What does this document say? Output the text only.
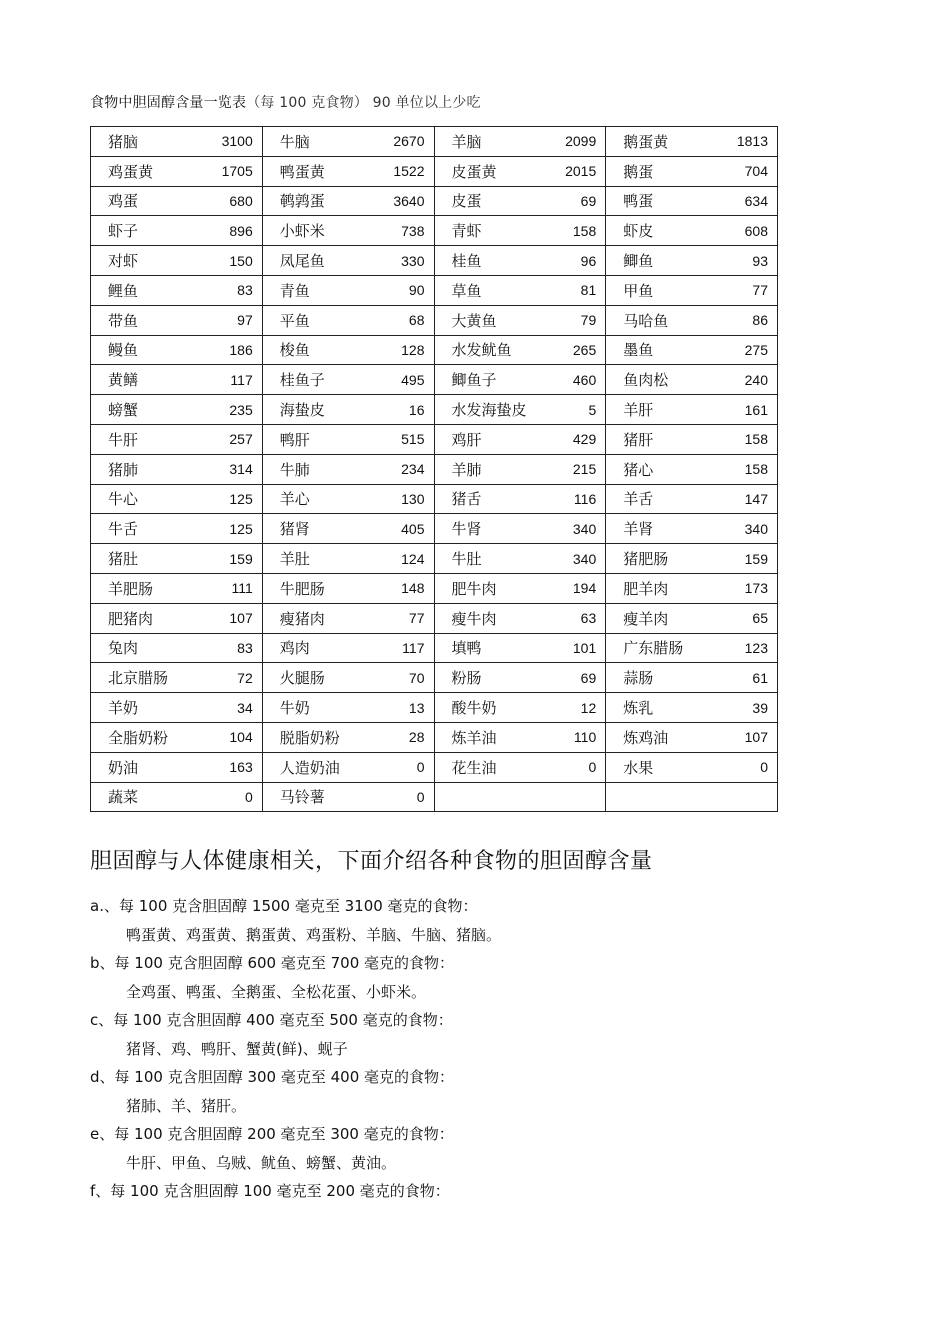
食物中胆固醇含量一览表（每 100 克食物） 90 单位以上少吃
猪脑 3100	牛脑 2670	羊脑 2099	鹅蛋黄 1813

鸡蛋黄 1705	鸭蛋黄 1522	皮蛋黄 2015	鹅蛋 704

鸡蛋 680	鹌鹑蛋 3640	皮蛋 69	鸭蛋 634

虾子 896	小虾米 738	青虾 158	虾皮 608

对虾 150	凤尾鱼 330	桂鱼 96	鲫鱼 93

鲤鱼 83	青鱼 90	草鱼 81	甲鱼 77

带鱼 97	平鱼 68	大黄鱼 79	马哈鱼 86

鳗鱼 186	梭鱼 128	水发鱿鱼 265	墨鱼 275

黄鳝 117	桂鱼子 495	鲫鱼子 460	鱼肉松 240

螃蟹 235	海蛰皮 16	水发海蛰皮 5	羊肝 161

牛肝 257	鸭肝 515	鸡肝 429	猪肝 158

猪肺 314	牛肺 234	羊肺 215	猪心 158

牛心 125	羊心 130	猪舌 116	羊舌 147

牛舌 125	猪肾 405	牛肾 340	羊肾 340

猪肚 159	羊肚 124	牛肚 340	猪肥肠 159

羊肥肠 111	牛肥肠 148	肥牛肉 194	肥羊肉 173

肥猪肉 107	瘦猪肉 77	瘦牛肉 63	瘦羊肉 65

兔肉 83	鸡肉 117	填鸭 101	广东腊肠 123

北京腊肠 72	火腿肠 70	粉肠 69	蒜肠 61

羊奶 34	牛奶 13	酸牛奶 12	炼乳 39

全脂奶粉 104	脱脂奶粉 28	炼羊油 110	炼鸡油 107

奶油 163	人造奶油 0	花生油 0	水果 0

蔬菜 0	马铃薯 0		

胆固醇与人体健康相关，下面介绍各种食物的胆固醇含量
a.、每 100 克含胆固醇 1500 毫克至 3100 毫克的食物：
鸭蛋黄、鸡蛋黄、鹅蛋黄、鸡蛋粉、羊脑、牛脑、猪脑。
b、每 100 克含胆固醇 600 毫克至 700 毫克的食物：
全鸡蛋、鸭蛋、全鹅蛋、全松花蛋、小虾米。
c、每 100 克含胆固醇 400 毫克至 500 毫克的食物：
猪肾、鸡、鸭肝、蟹黄(鲜)、蚬子
d、每 100 克含胆固醇 300 毫克至 400 毫克的食物：
猪肺、羊、猪肝。
e、每 100 克含胆固醇 200 毫克至 300 毫克的食物：
牛肝、甲鱼、乌贼、鱿鱼、螃蟹、黄油。
f、每 100 克含胆固醇 100 毫克至 200 毫克的食物：
